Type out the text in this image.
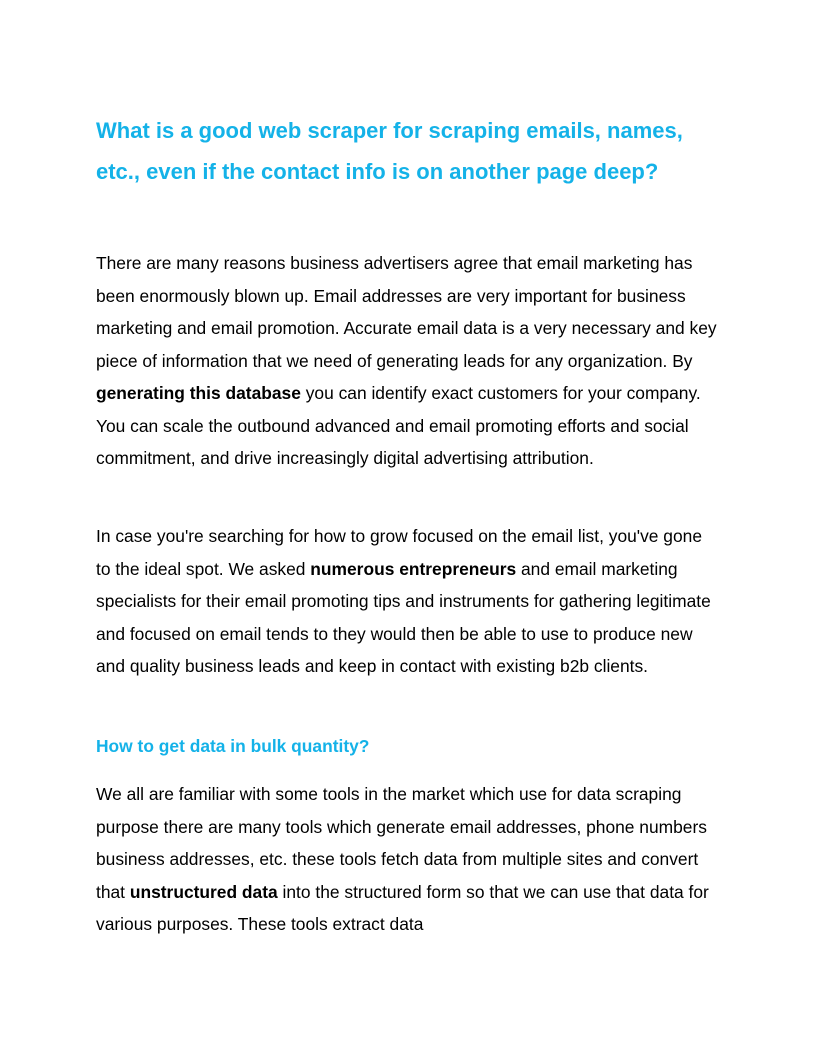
What is a good web scraper for scraping emails, names, etc., even if the contact info is on another page deep?

There are many reasons business advertisers agree that email marketing has been enormously blown up. Email addresses are very important for business marketing and email promotion. Accurate email data is a very necessary and key piece of information that we need of generating leads for any organization. By generating this database you can identify exact customers for your company. You can scale the outbound advanced and email promoting efforts and social commitment, and drive increasingly digital advertising attribution.

In case you're searching for how to grow focused on the email list, you've gone to the ideal spot. We asked numerous entrepreneurs and email marketing specialists for their email promoting tips and instruments for gathering legitimate and focused on email tends to they would then be able to use to produce new and quality business leads and keep in contact with existing b2b clients.

How to get data in bulk quantity?

We all are familiar with some tools in the market which use for data scraping purpose there are many tools which generate email addresses, phone numbers business addresses, etc. these tools fetch data from multiple sites and convert that unstructured data into the structured form so that we can use that data for various purposes. These tools extract data
